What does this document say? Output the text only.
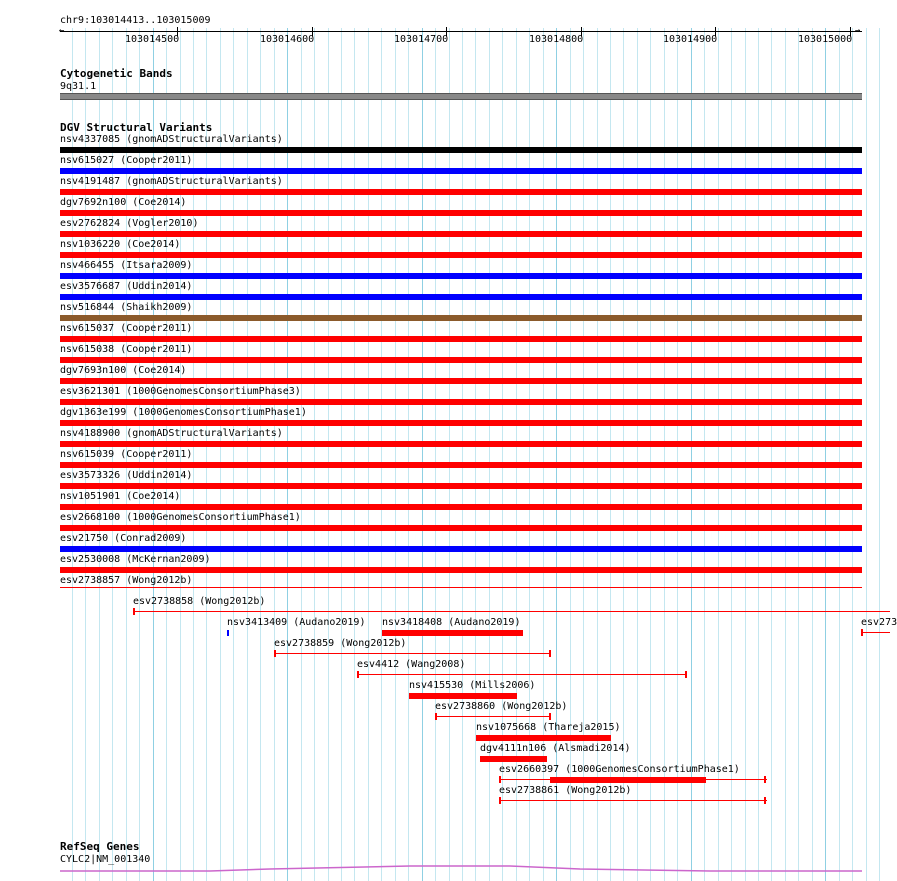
chr9:103014413..103015009
←	→
103014500	103014600	103014700	103014800	103014900	103015000
Cytogenetic Bands
9q31.1
DGV Structural Variants
nsv4337085 (gnomADStructuralVariants)
nsv615027 (Cooper2011)
nsv4191487 (gnomADStructuralVariants)
dgv7692n100 (Coe2014)
esv2762824 (Vogler2010)
nsv1036220 (Coe2014)
nsv466455 (Itsara2009)
esv3576687 (Uddin2014)
nsv516844 (Shaikh2009)
nsv615037 (Cooper2011)
nsv615038 (Cooper2011)
dgv7693n100 (Coe2014)
esv3621301 (1000GenomesConsortiumPhase3)
dgv1363e199 (1000GenomesConsortiumPhase1)
nsv4188900 (gnomADStructuralVariants)
nsv615039 (Cooper2011)
esv3573326 (Uddin2014)
nsv1051901 (Coe2014)
esv2668100 (1000GenomesConsortiumPhase1)
esv21750 (Conrad2009)
esv2530008 (McKernan2009)
esv2738857 (Wong2012b)
esv2738858 (Wong2012b)
nsv3413409 (Audano2019) nsv3418408 (Audano2019)	esv273
esv2738859 (Wong2012b)
esv4412 (Wang2008)
nsv415530 (Mills2006)
esv2738860 (Wong2012b)
nsv1075668 (Thareja2015)
dgv4111n106 (Alsmadi2014)
esv2660397 (1000GenomesConsortiumPhase1)
esv2738861 (Wong2012b)
RefSeq Genes
CYLC2|NM_001340
